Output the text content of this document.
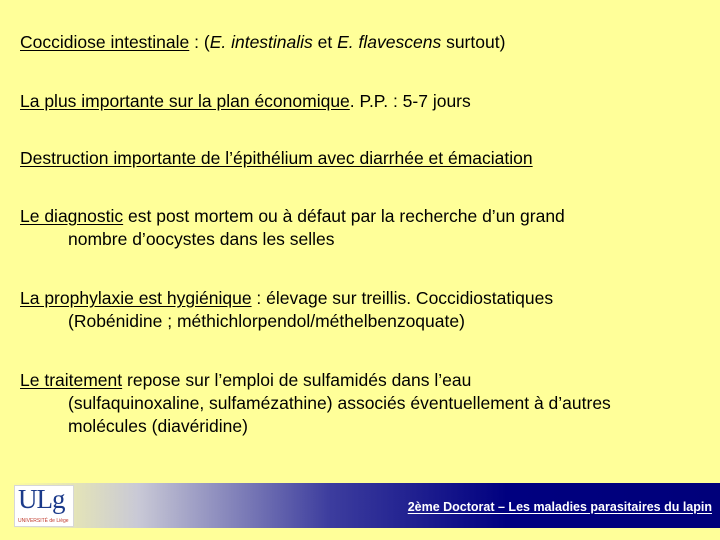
Coccidiose intestinale : (E. intestinalis et E. flavescens surtout)
La plus importante sur la plan économique. P.P. : 5-7 jours
Destruction importante de l’épithélium avec diarrhée et émaciation
Le diagnostic est post mortem ou à défaut par la recherche d’un grand
nombre d’oocystes dans les selles
La prophylaxie est hygiénique : élevage sur treillis. Coccidiostatiques
(Robénidine ; méthichlorpendol/méthelbenzoquate)
Le traitement repose sur l’emploi de sulfamidés dans l’eau
(sulfaquinoxaline, sulfamézathine) associés éventuellement à d’autres
molécules (diavéridine)
ULg
UNIVERSITÉ de Liège
2ème Doctorat – Les maladies parasitaires du lapin
